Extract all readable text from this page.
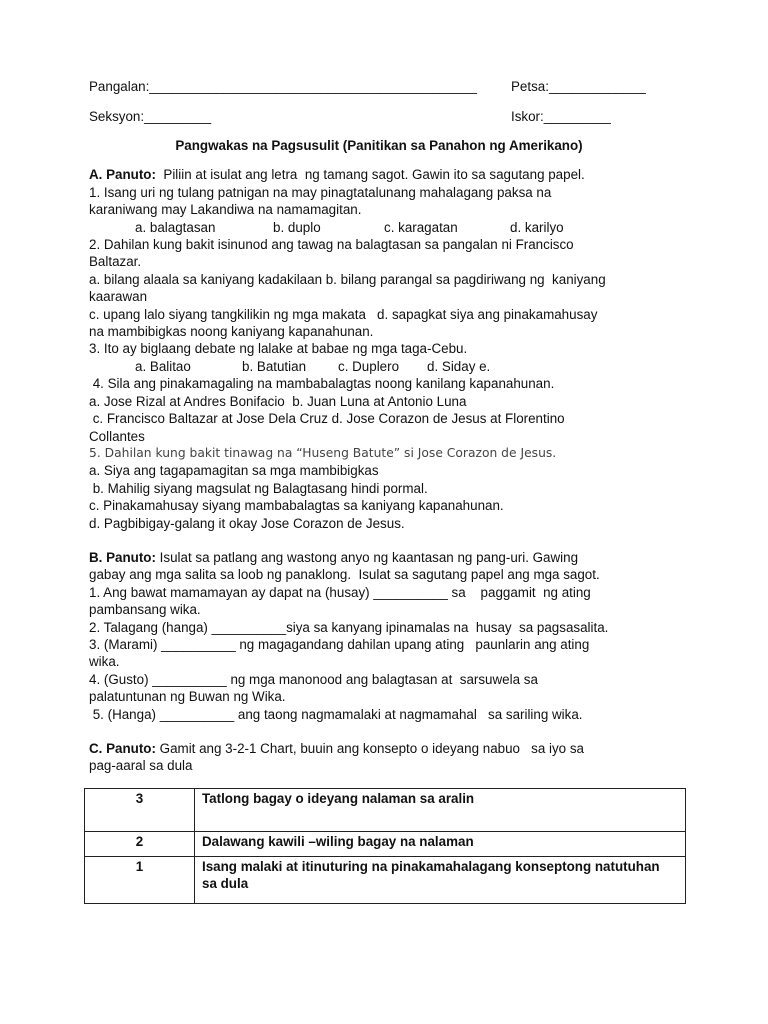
Pangalan:____________________________________________	Petsa:_____________
Seksyon:_________	Iskor:_________
Pangwakas na Pagsusulit (Panitikan sa Panahon ng Amerikano)
A. Panuto:  Piliin at isulat ang letra  ng tamang sagot. Gawin ito sa sagutang papel.
1. Isang uri ng tulang patnigan na may pinagtatalunang mahalagang paksa na
karaniwang may Lakandiwa na namamagitan.
a. balagtasan	b. duplo	c. karagatan	d. karilyo
2. Dahilan kung bakit isinunod ang tawag na balagtasan sa pangalan ni Francisco
Baltazar.
a. bilang alaala sa kaniyang kadakilaan b. bilang parangal sa pagdiriwang ng  kaniyang
kaarawan
c. upang lalo siyang tangkilikin ng mga makata   d. sapagkat siya ang pinakamahusay
na mambibigkas noong kaniyang kapanahunan.
3. Ito ay biglaang debate ng lalake at babae ng mga taga-Cebu.
a. Balitao	b. Batutian c. Duplero d. Siday e.
4. Sila ang pinakamagaling na mambabalagtas noong kanilang kapanahunan.
a. Jose Rizal at Andres Bonifacio  b. Juan Luna at Antonio Luna
c. Francisco Baltazar at Jose Dela Cruz d. Jose Corazon de Jesus at Florentino
Collantes
5. Dahilan kung bakit tinawag na “Huseng Batute” si Jose Corazon de Jesus.
a. Siya ang tagapamagitan sa mga mambibigkas
b. Mahilig siyang magsulat ng Balagtasang hindi pormal.
c. Pinakamahusay siyang mambabalagtas sa kaniyang kapanahunan.
d. Pagbibigay-galang it okay Jose Corazon de Jesus.
B. Panuto: Isulat sa patlang ang wastong anyo ng kaantasan ng pang-uri. Gawing
gabay ang mga salita sa loob ng panaklong.  Isulat sa sagutang papel ang mga sagot.
1. Ang bawat mamamayan ay dapat na (husay) __________ sa    paggamit  ng ating
pambansang wika.
2. Talagang (hanga) __________siya sa kanyang ipinamalas na  husay  sa pagsasalita.
3. (Marami) __________ ng magagandang dahilan upang ating   paunlarin ang ating
wika.
4. (Gusto) __________ ng mga manonood ang balagtasan at  sarsuwela sa
palatuntunan ng Buwan ng Wika.
5. (Hanga) __________ ang taong nagmamalaki at nagmamahal   sa sariling wika.
C. Panuto: Gamit ang 3-2-1 Chart, buuin ang konsepto o ideyang nabuo   sa iyo sa
pag-aaral sa dula
3	Tatlong bagay o ideyang nalaman sa aralin
2	Dalawang kawili –wiling bagay na nalaman
1	Isang malaki at itinuturing na pinakamahalagang konseptong natutuhan sa dula
